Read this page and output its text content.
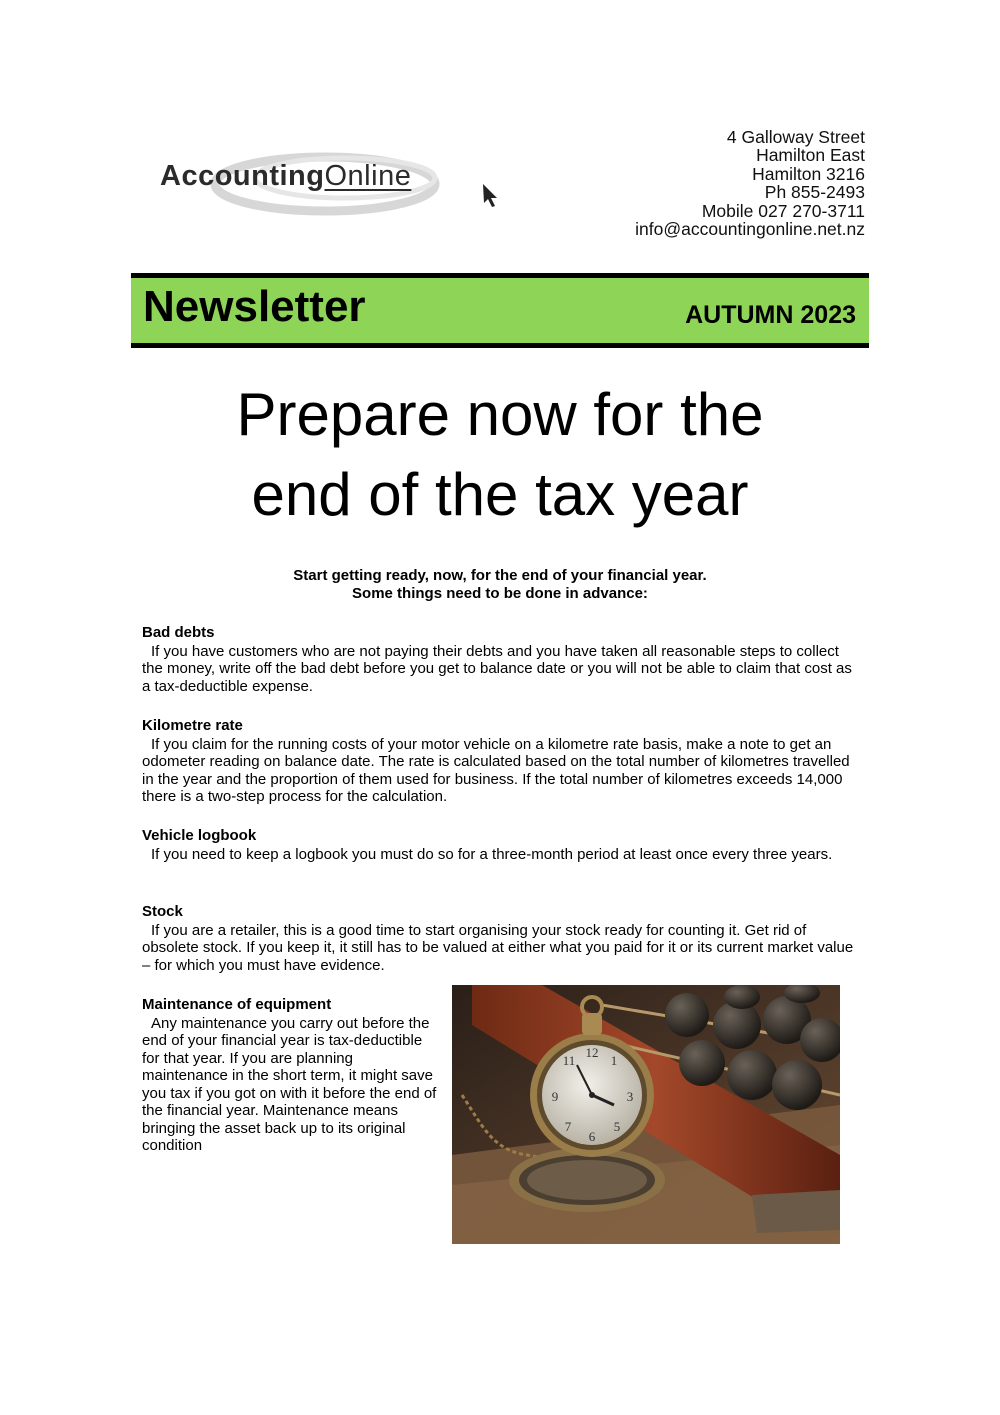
AccountingOnline
4 Galloway Street
Hamilton East
Hamilton 3216
Ph 855-2493
Mobile 027 270-3711
info@accountingonline.net.nz
Newsletter	AUTUMN 2023
Prepare now for the
end of the tax year
Start getting ready, now, for the end of your financial year.
Some things need to be done in advance:
Bad debts
If you have customers who are not paying their debts and you have taken all reasonable steps to collect the money, write off the bad debt before you get to balance date or you will not be able to claim that cost as a tax-deductible expense.
Kilometre rate
If you claim for the running costs of your motor vehicle on a kilometre rate basis, make a note to get an odometer reading on balance date. The rate is calculated based on the total number of kilometres travelled in the year and the proportion of them used for business. If the total number of kilometres exceeds 14,000 there is a two-step process for the calculation.
Vehicle logbook
If you need to keep a logbook you must do so for a three-month period at least once every three years.
Stock
If you are a retailer, this is a good time to start organising your stock ready for counting it. Get rid of obsolete stock. If you keep it, it still has to be valued at either what you paid for it or its current market value – for which you must have evidence.
Maintenance of equipment
Any maintenance you carry out before the end of your financial year is tax-deductible for that year. If you are planning maintenance in the short term, it might save you tax if you got on with it before the end of the financial year. Maintenance means bringing the asset back up to its original condition
12
3
6
9
1
11
5
7
